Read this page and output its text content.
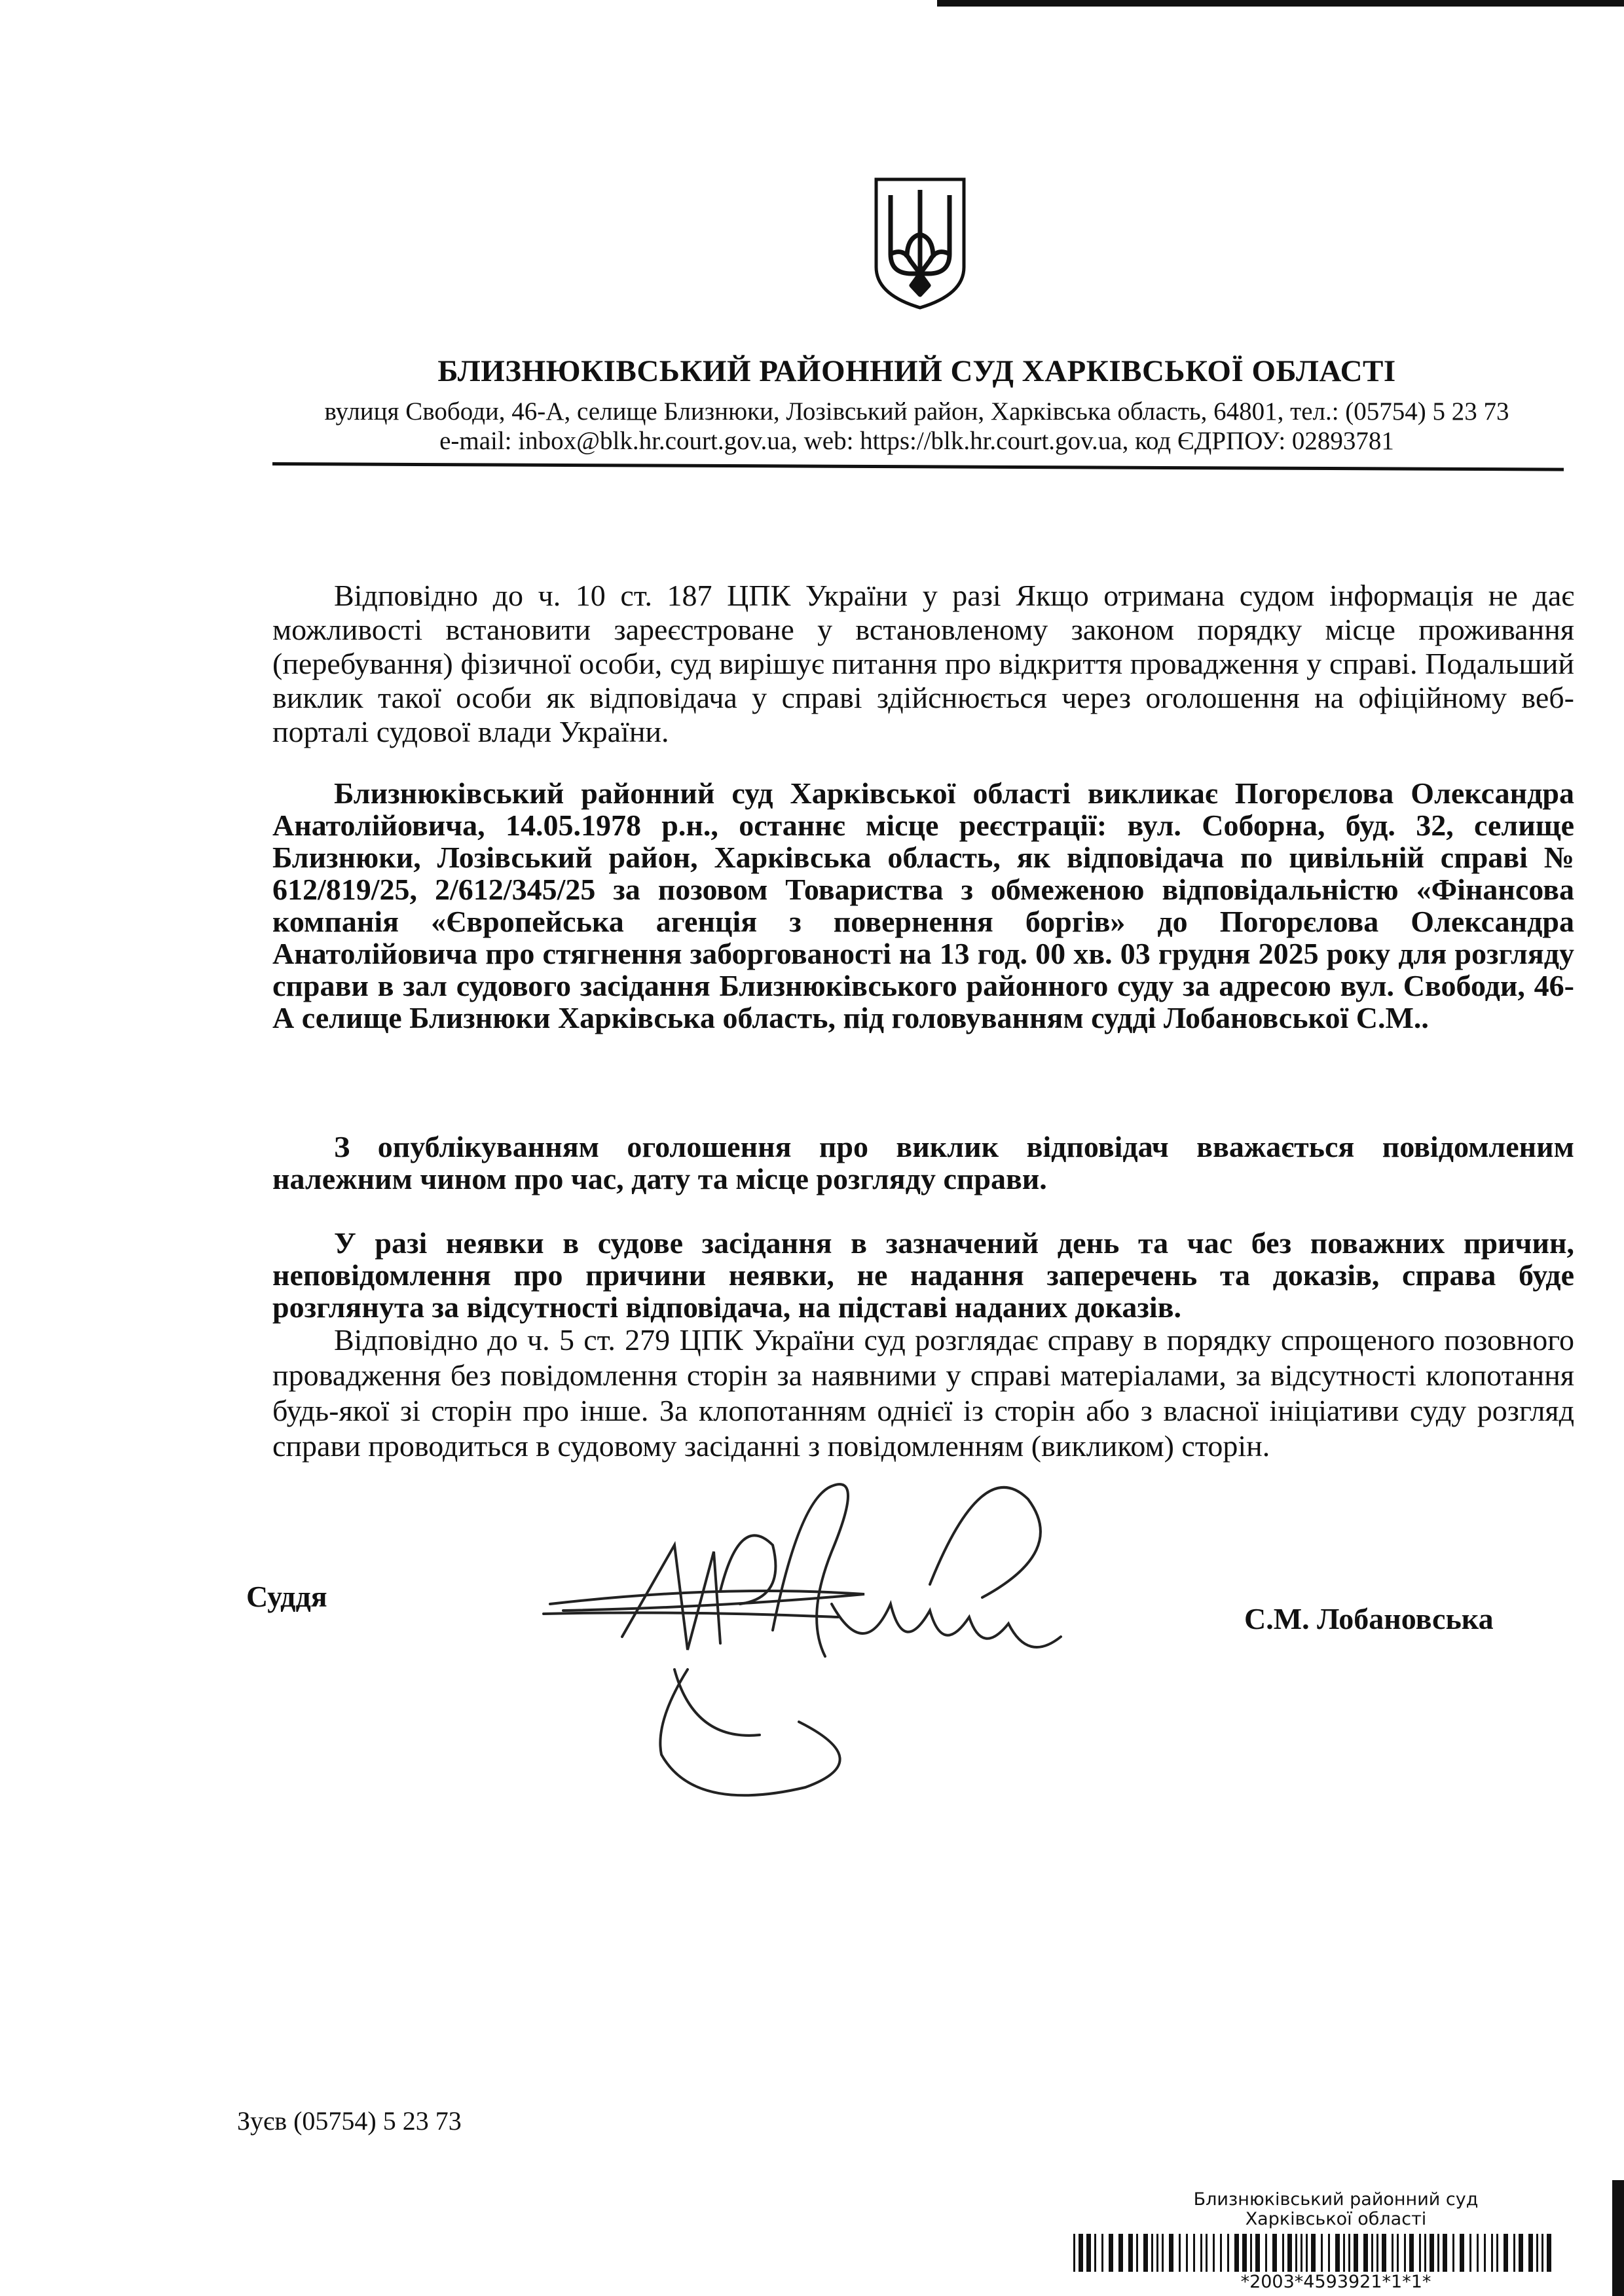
БЛИЗНЮКІВСЬКИЙ РАЙОННИЙ СУД ХАРКІВСЬКОЇ ОБЛАСТІ
вулиця Свободи, 46-А, селище Близнюки, Лозівський район, Харківська область, 64801, тел.: (05754) 5 23 73
e-mail: inbox@blk.hr.court.gov.ua, web: https://blk.hr.court.gov.ua, код ЄДРПОУ: 02893781
Відповідно до ч. 10 ст. 187 ЦПК України у разі Якщо отримана судом інформація не дає можливості встановити зареєстроване у встановленому законом порядку місце проживання (перебування) фізичної особи, суд вирішує питання про відкриття провадження у справі. Подальший виклик такої особи як відповідача у справі здійснюється через оголошення на офіційному веб-порталі судової влади України.
Близнюківський районний суд Харківської області викликає Погорєлова Олександра Анатолійовича, 14.05.1978 р.н., останнє місце реєстрації: вул. Соборна, буд. 32, селище Близнюки, Лозівський район, Харківська область, як відповідача по цивільній справі № 612/819/25, 2/612/345/25 за позовом Товариства з обмеженою відповідальністю «Фінансова компанія «Європейська агенція з повернення боргів» до Погорєлова Олександра Анатолійовича про стягнення заборгованості на 13 год. 00 хв. 03 грудня 2025 року для розгляду справи в зал судового засідання Близнюківського районного суду за адресою вул. Свободи, 46-А селище Близнюки Харківська область, під головуванням судді Лобановської С.М..
З опублікуванням оголошення про виклик відповідач вважається повідомленим належним чином про час, дату та місце розгляду справи.
У разі неявки в судове засідання в зазначений день та час без поважних причин, неповідомлення про причини неявки, не надання заперечень та доказів, справа буде розглянута за відсутності відповідача, на підставі наданих доказів.
Відповідно до ч. 5 ст. 279 ЦПК України суд розглядає справу в порядку спрощеного позовного провадження без повідомлення сторін за наявними у справі матеріалами, за відсутності клопотання будь-якої зі сторін про інше. За клопотанням однієї із сторін або з власної ініціативи суду розгляд справи проводиться в судовому засіданні з повідомленням (викликом) сторін.
Суддя
С.М. Лобановська
Зуєв (05754) 5 23 73
Близнюківський районний суд
Харківської області
*2003*4593921*1*1*
